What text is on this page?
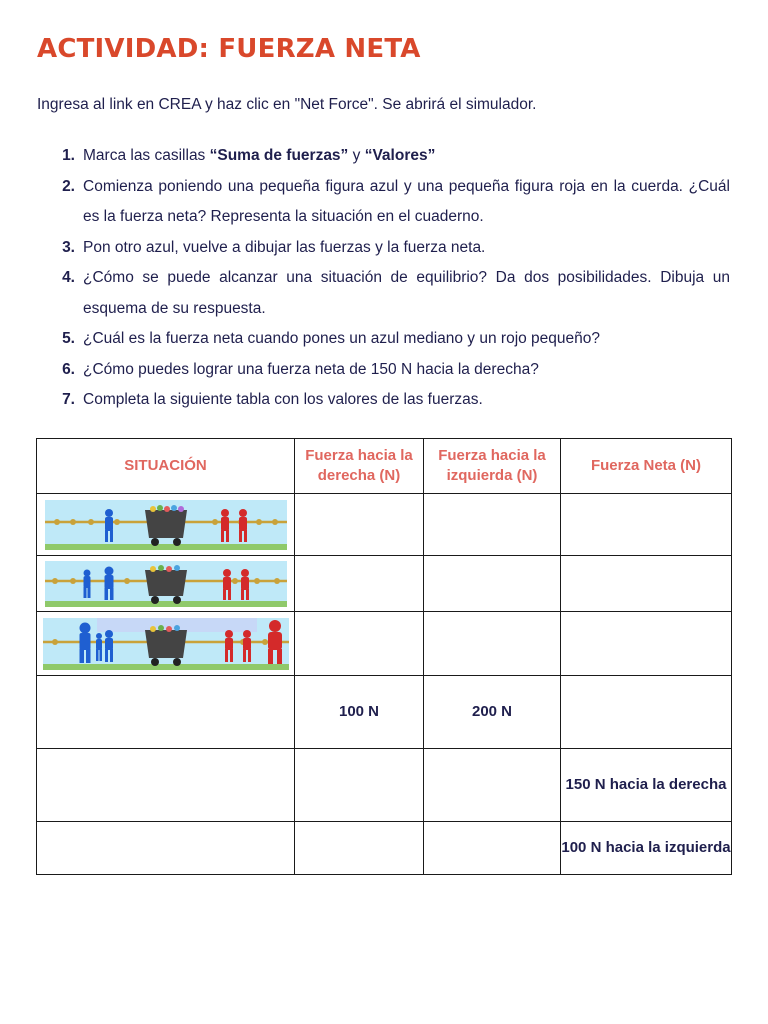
ACTIVIDAD: FUERZA NETA
Ingresa al link en CREA y haz clic en "Net Force". Se abrirá el simulador.
1. Marca las casillas “Suma de fuerzas” y “Valores”
2. Comienza poniendo una pequeña figura azul y una pequeña figura roja en la cuerda. ¿Cuál es la fuerza neta? Representa la situación en el cuaderno.
3. Pon otro azul, vuelve a dibujar las fuerzas y la fuerza neta.
4. ¿Cómo se puede alcanzar una situación de equilibrio? Da dos posibilidades. Dibuja un esquema de su respuesta.
5. ¿Cuál es la fuerza neta cuando pones un azul mediano y un rojo pequeño?
6. ¿Cómo puedes lograr una fuerza neta de 150 N hacia la derecha?
7. Completa la siguiente tabla con los valores de las fuerzas.
SITUACIÓN	Fuerza hacia la derecha (N)	Fuerza hacia la izquierda (N)	Fuerza Neta (N)

	100 N	200 N	
			150 N hacia la derecha
			100 N hacia la izquierda
